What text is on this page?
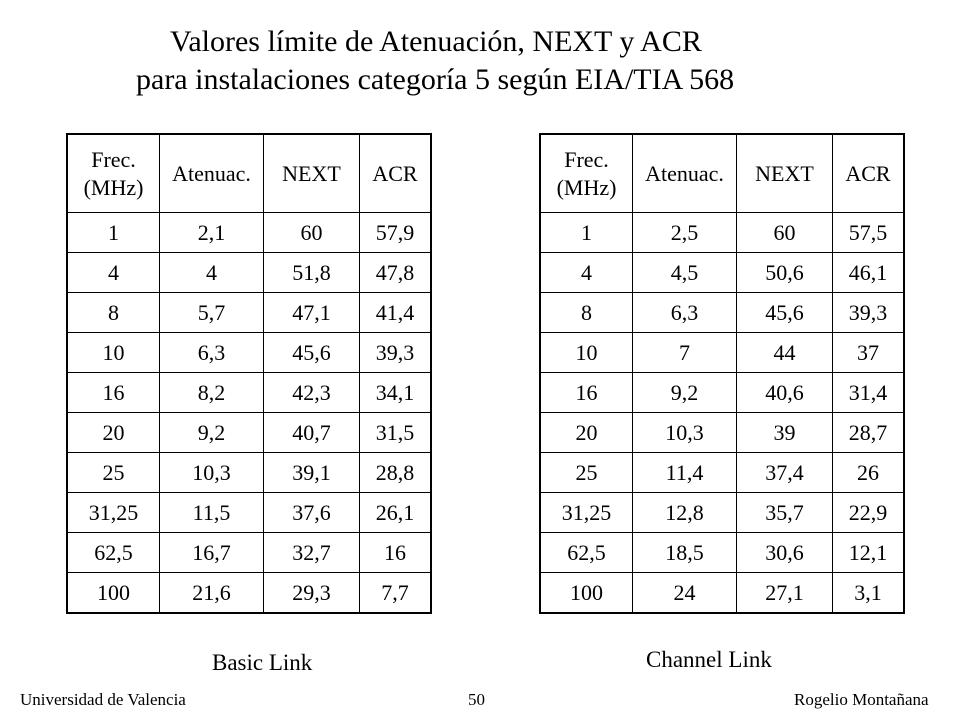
Valores límite de Atenuación, NEXT y ACR
para instalaciones categoría 5 según EIA/TIA 568
Frec. (MHz)	Atenuac.	NEXT	ACR
1	2,1	60	57,9
4	4	51,8	47,8
8	5,7	47,1	41,4
10	6,3	45,6	39,3
16	8,2	42,3	34,1
20	9,2	40,7	31,5
25	10,3	39,1	28,8
31,25	11,5	37,6	26,1
62,5	16,7	32,7	16
100	21,6	29,3	7,7
Frec. (MHz)	Atenuac.	NEXT	ACR
1	2,5	60	57,5
4	4,5	50,6	46,1
8	6,3	45,6	39,3
10	7	44	37
16	9,2	40,6	31,4
20	10,3	39	28,7
25	11,4	37,4	26
31,25	12,8	35,7	22,9
62,5	18,5	30,6	12,1
100	24	27,1	3,1
Basic Link	Channel Link
Universidad de Valencia	50	Rogelio Montañana
